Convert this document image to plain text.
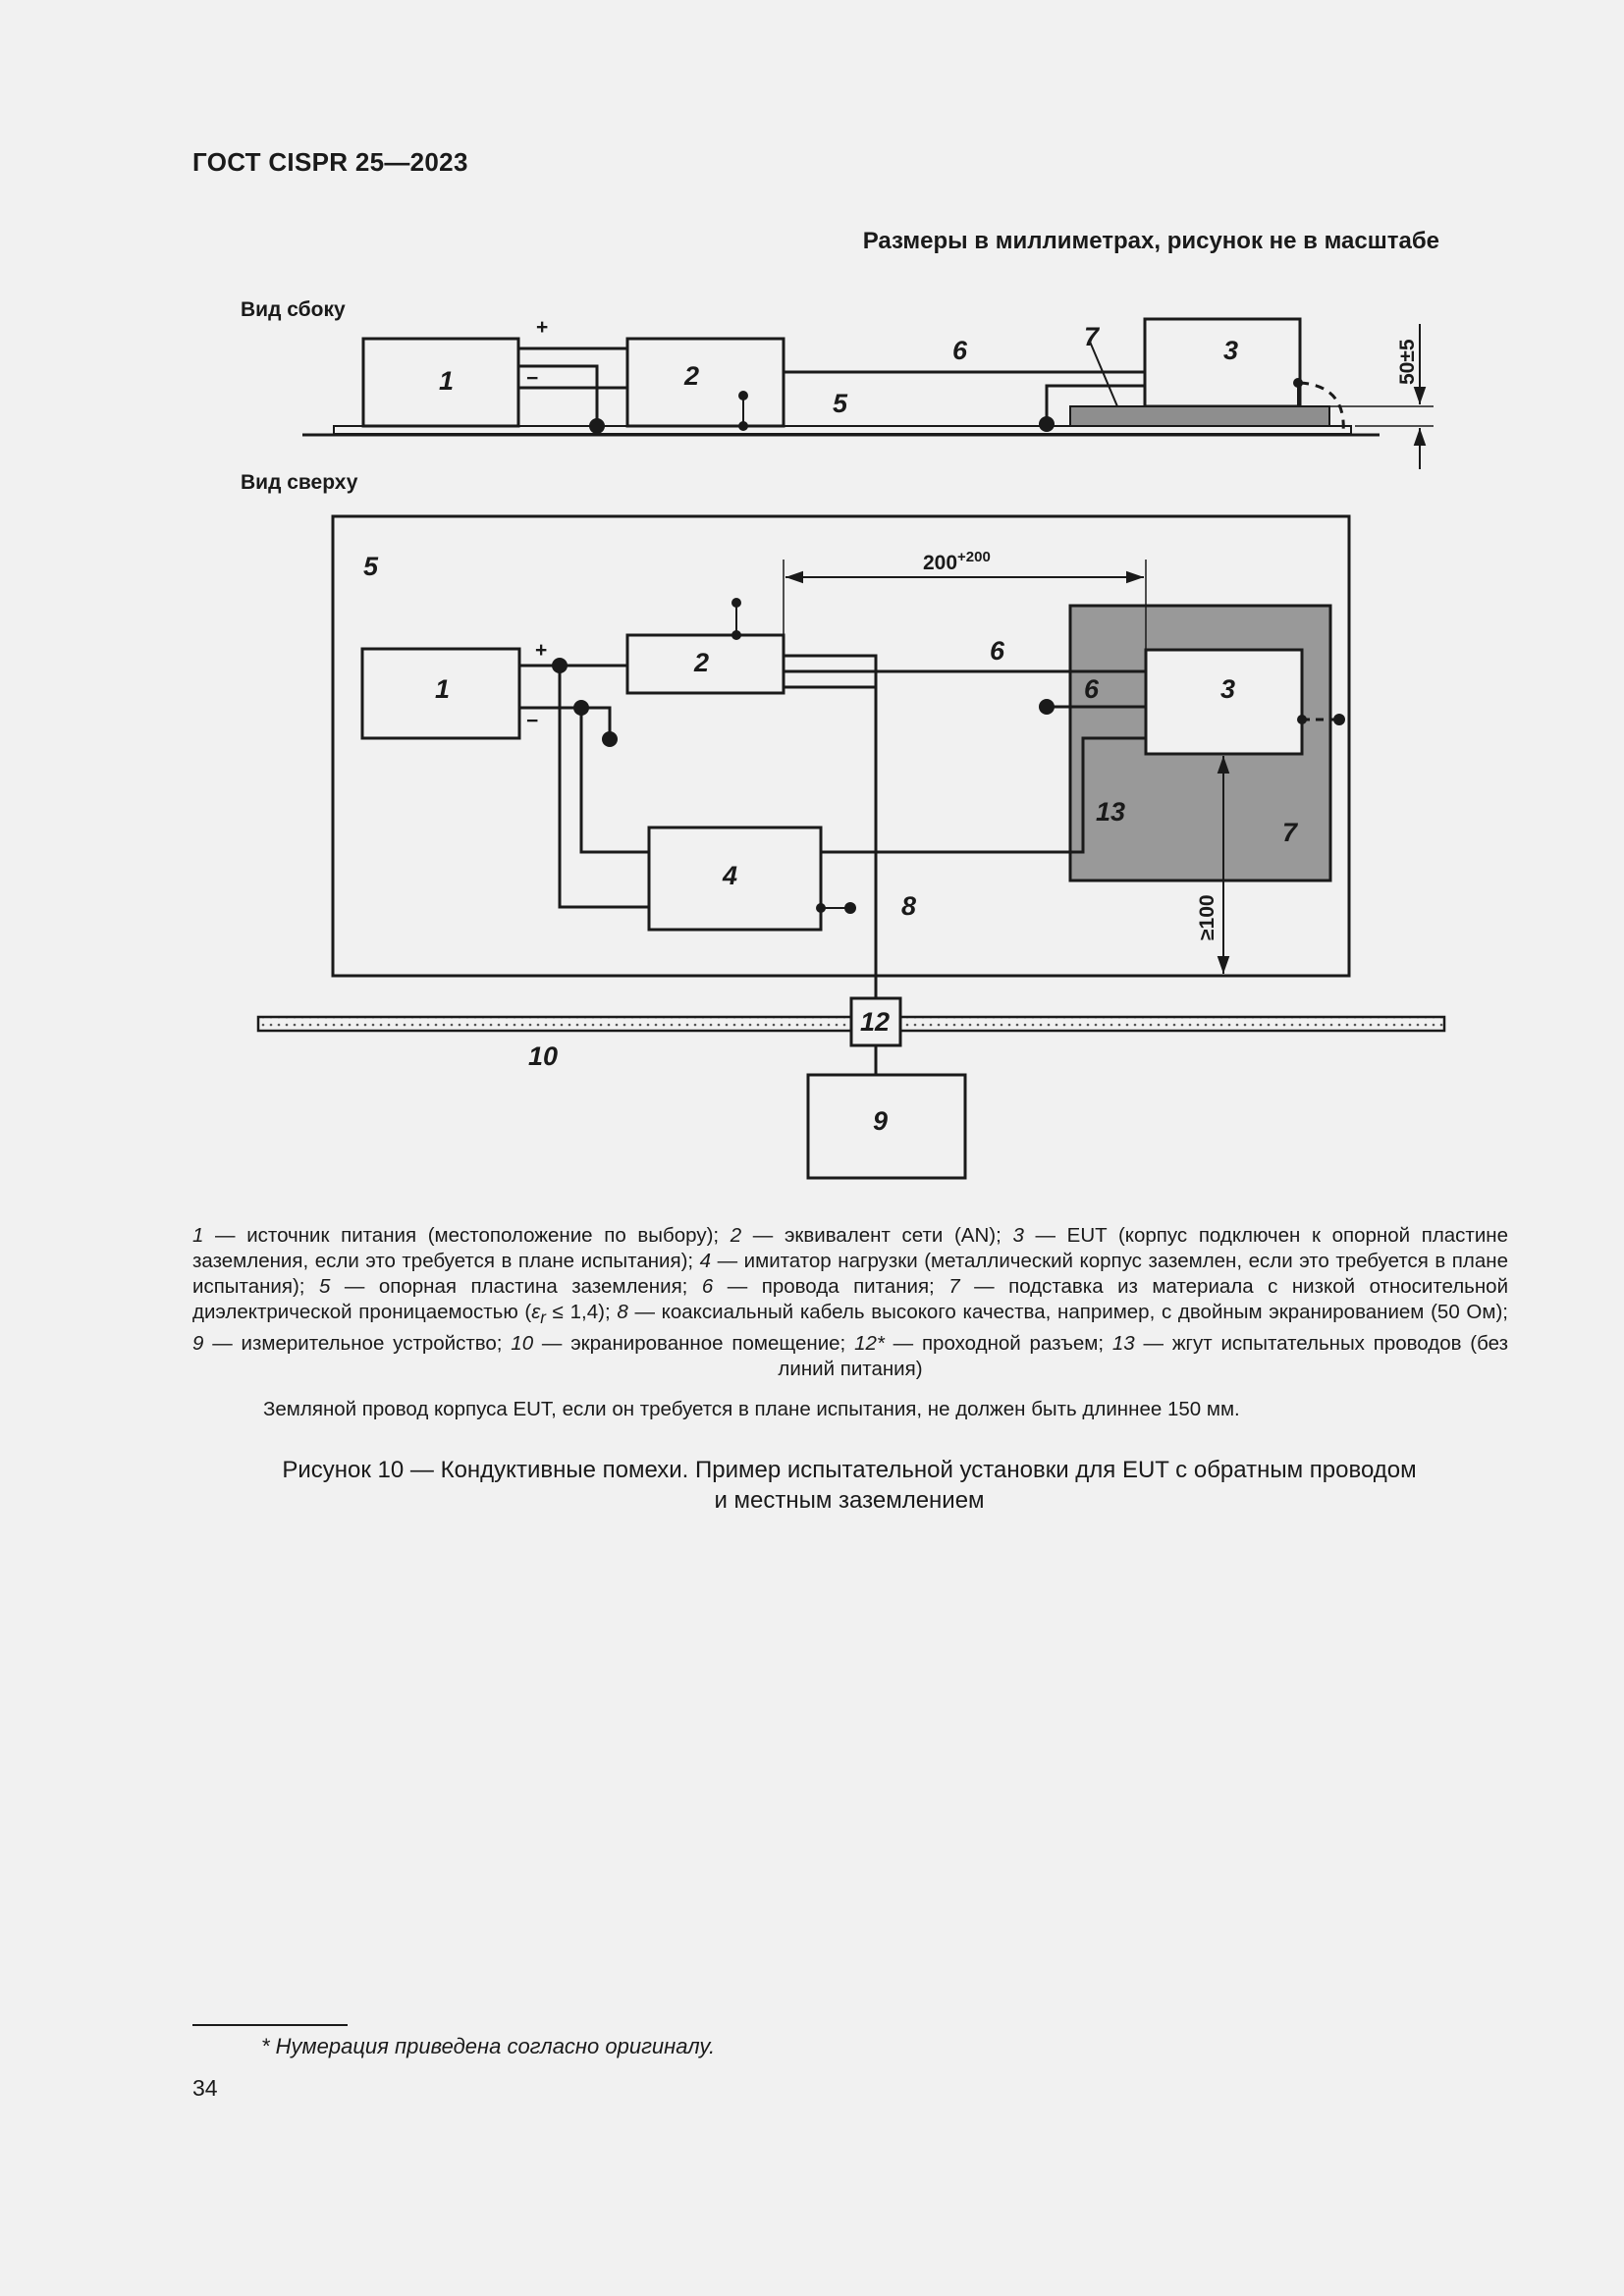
ГОСТ CISPR 25—2023
Размеры в миллиметрах, рисунок не в масштабе
Вид сбоку
+
−
1	2
3
5
6	7
50±5
Вид сверху
+
−
5
1
2
3
4
6
6
7
8
13
$200^{+200}$
≥100
12
10
9
1 — источник питания (местоположение по выбору); 2 — эквивалент сети (AN); 3 — EUT (корпус подключен к опорной пластине заземления, если это требуется в плане испытания); 4 — имитатор нагрузки (металлический корпус заземлен, если это требуется в плане испытания); 5 — опорная пластина заземления; 6 — провода питания; 7 — подставка из материала с низкой относительной диэлектрической проницаемостью $(\varepsilon_r \le 1,4)$; 8 — коаксиальный кабель высокого качества, например, с двойным экранированием (50 Ом); 9 — измерительное устройство; 10 — экранированное помещение; 12* — проходной разъем; 13 — жгут испытательных проводов (без линий питания)
Земляной провод корпуса EUT, если он требуется в плане испытания, не должен быть длиннее 150 мм.
Рисунок 10 — Кондуктивные помехи. Пример испытательной установки для EUT с обратным проводом
и местным заземлением
* Нумерация приведена согласно оригиналу.
34
